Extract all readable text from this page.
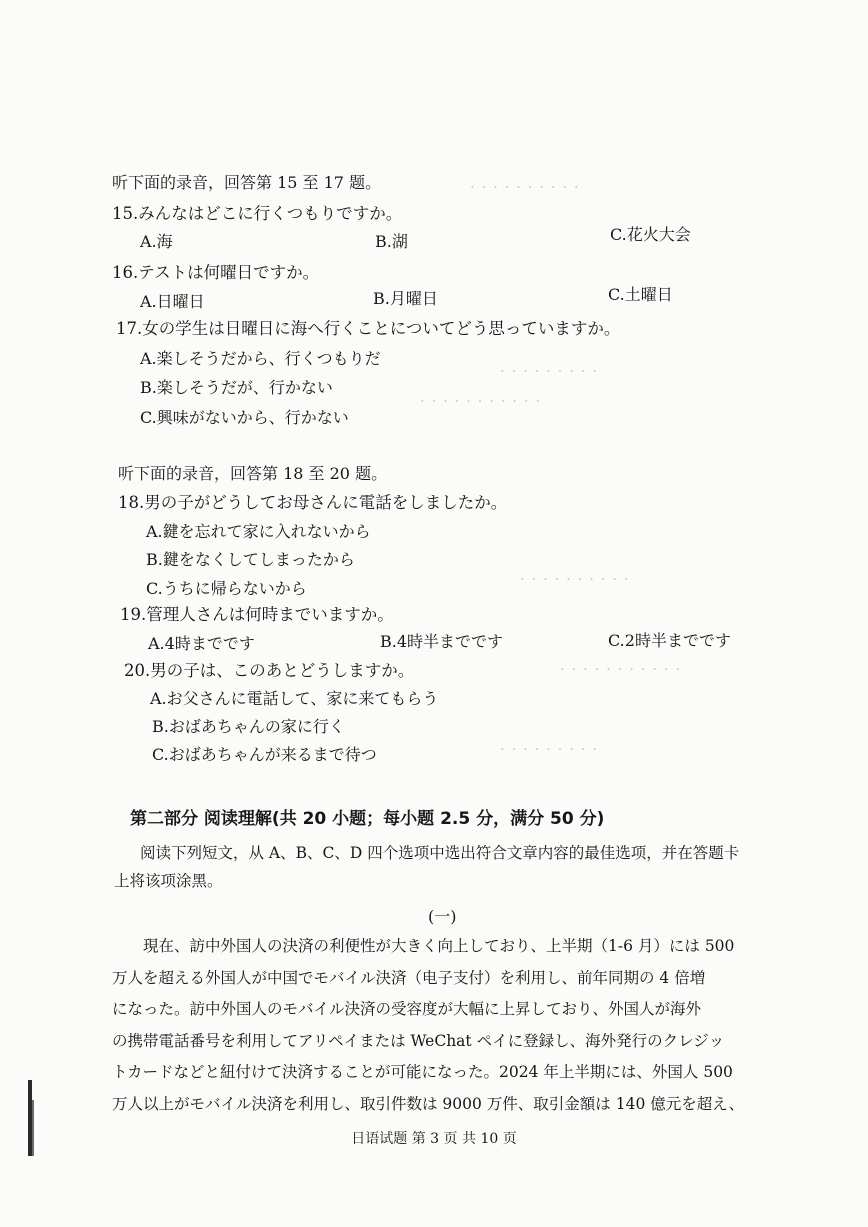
· · · · · · · · · ·
· · · · · · · · ·
· · · · · · · · · · ·
· · · · · · · · · ·
· · · · · · · · · · ·
· · · · · · · · ·
听下面的录音，回答第 15 至 17 题。
15.みんなはどこに行くつもりですか。
A.海	B.湖	C.花火大会
16.テストは何曜日ですか。
A.日曜日	B.月曜日	C.土曜日
17.女の学生は日曜日に海へ行くことについてどう思っていますか。
A.楽しそうだから、行くつもりだ
B.楽しそうだが、行かない
C.興味がないから、行かない
听下面的录音，回答第 18 至 20 题。
18.男の子がどうしてお母さんに電話をしましたか。
A.鍵を忘れて家に入れないから
B.鍵をなくしてしまったから
C.うちに帰らないから
19.管理人さんは何時までいますか。
A.4時までです	B.4時半までです	C.2時半までです
20.男の子は、このあとどうしますか。
A.お父さんに電話して、家に来てもらう
B.おばあちゃんの家に行く
C.おばあちゃんが来るまで待つ
第二部分 阅读理解(共 20 小题；每小题 2.5 分，满分 50 分)
阅读下列短文，从 A、B、C、D 四个选项中选出符合文章内容的最佳选项，并在答题卡
上将该项涂黑。
(一)
現在、訪中外国人の決済の利便性が大きく向上しており、上半期（1-6 月）には 500
万人を超える外国人が中国でモバイル決済（电子支付）を利用し、前年同期の 4 倍増
になった。訪中外国人のモバイル決済の受容度が大幅に上昇しており、外国人が海外
の携帯電話番号を利用してアリペイまたは WeChat ペイに登録し、海外発行のクレジッ
トカードなどと紐付けて決済することが可能になった。2024 年上半期には、外国人 500
万人以上がモバイル決済を利用し、取引件数は 9000 万件、取引金額は 140 億元を超え、
日语试题 第 3 页 共 10 页
